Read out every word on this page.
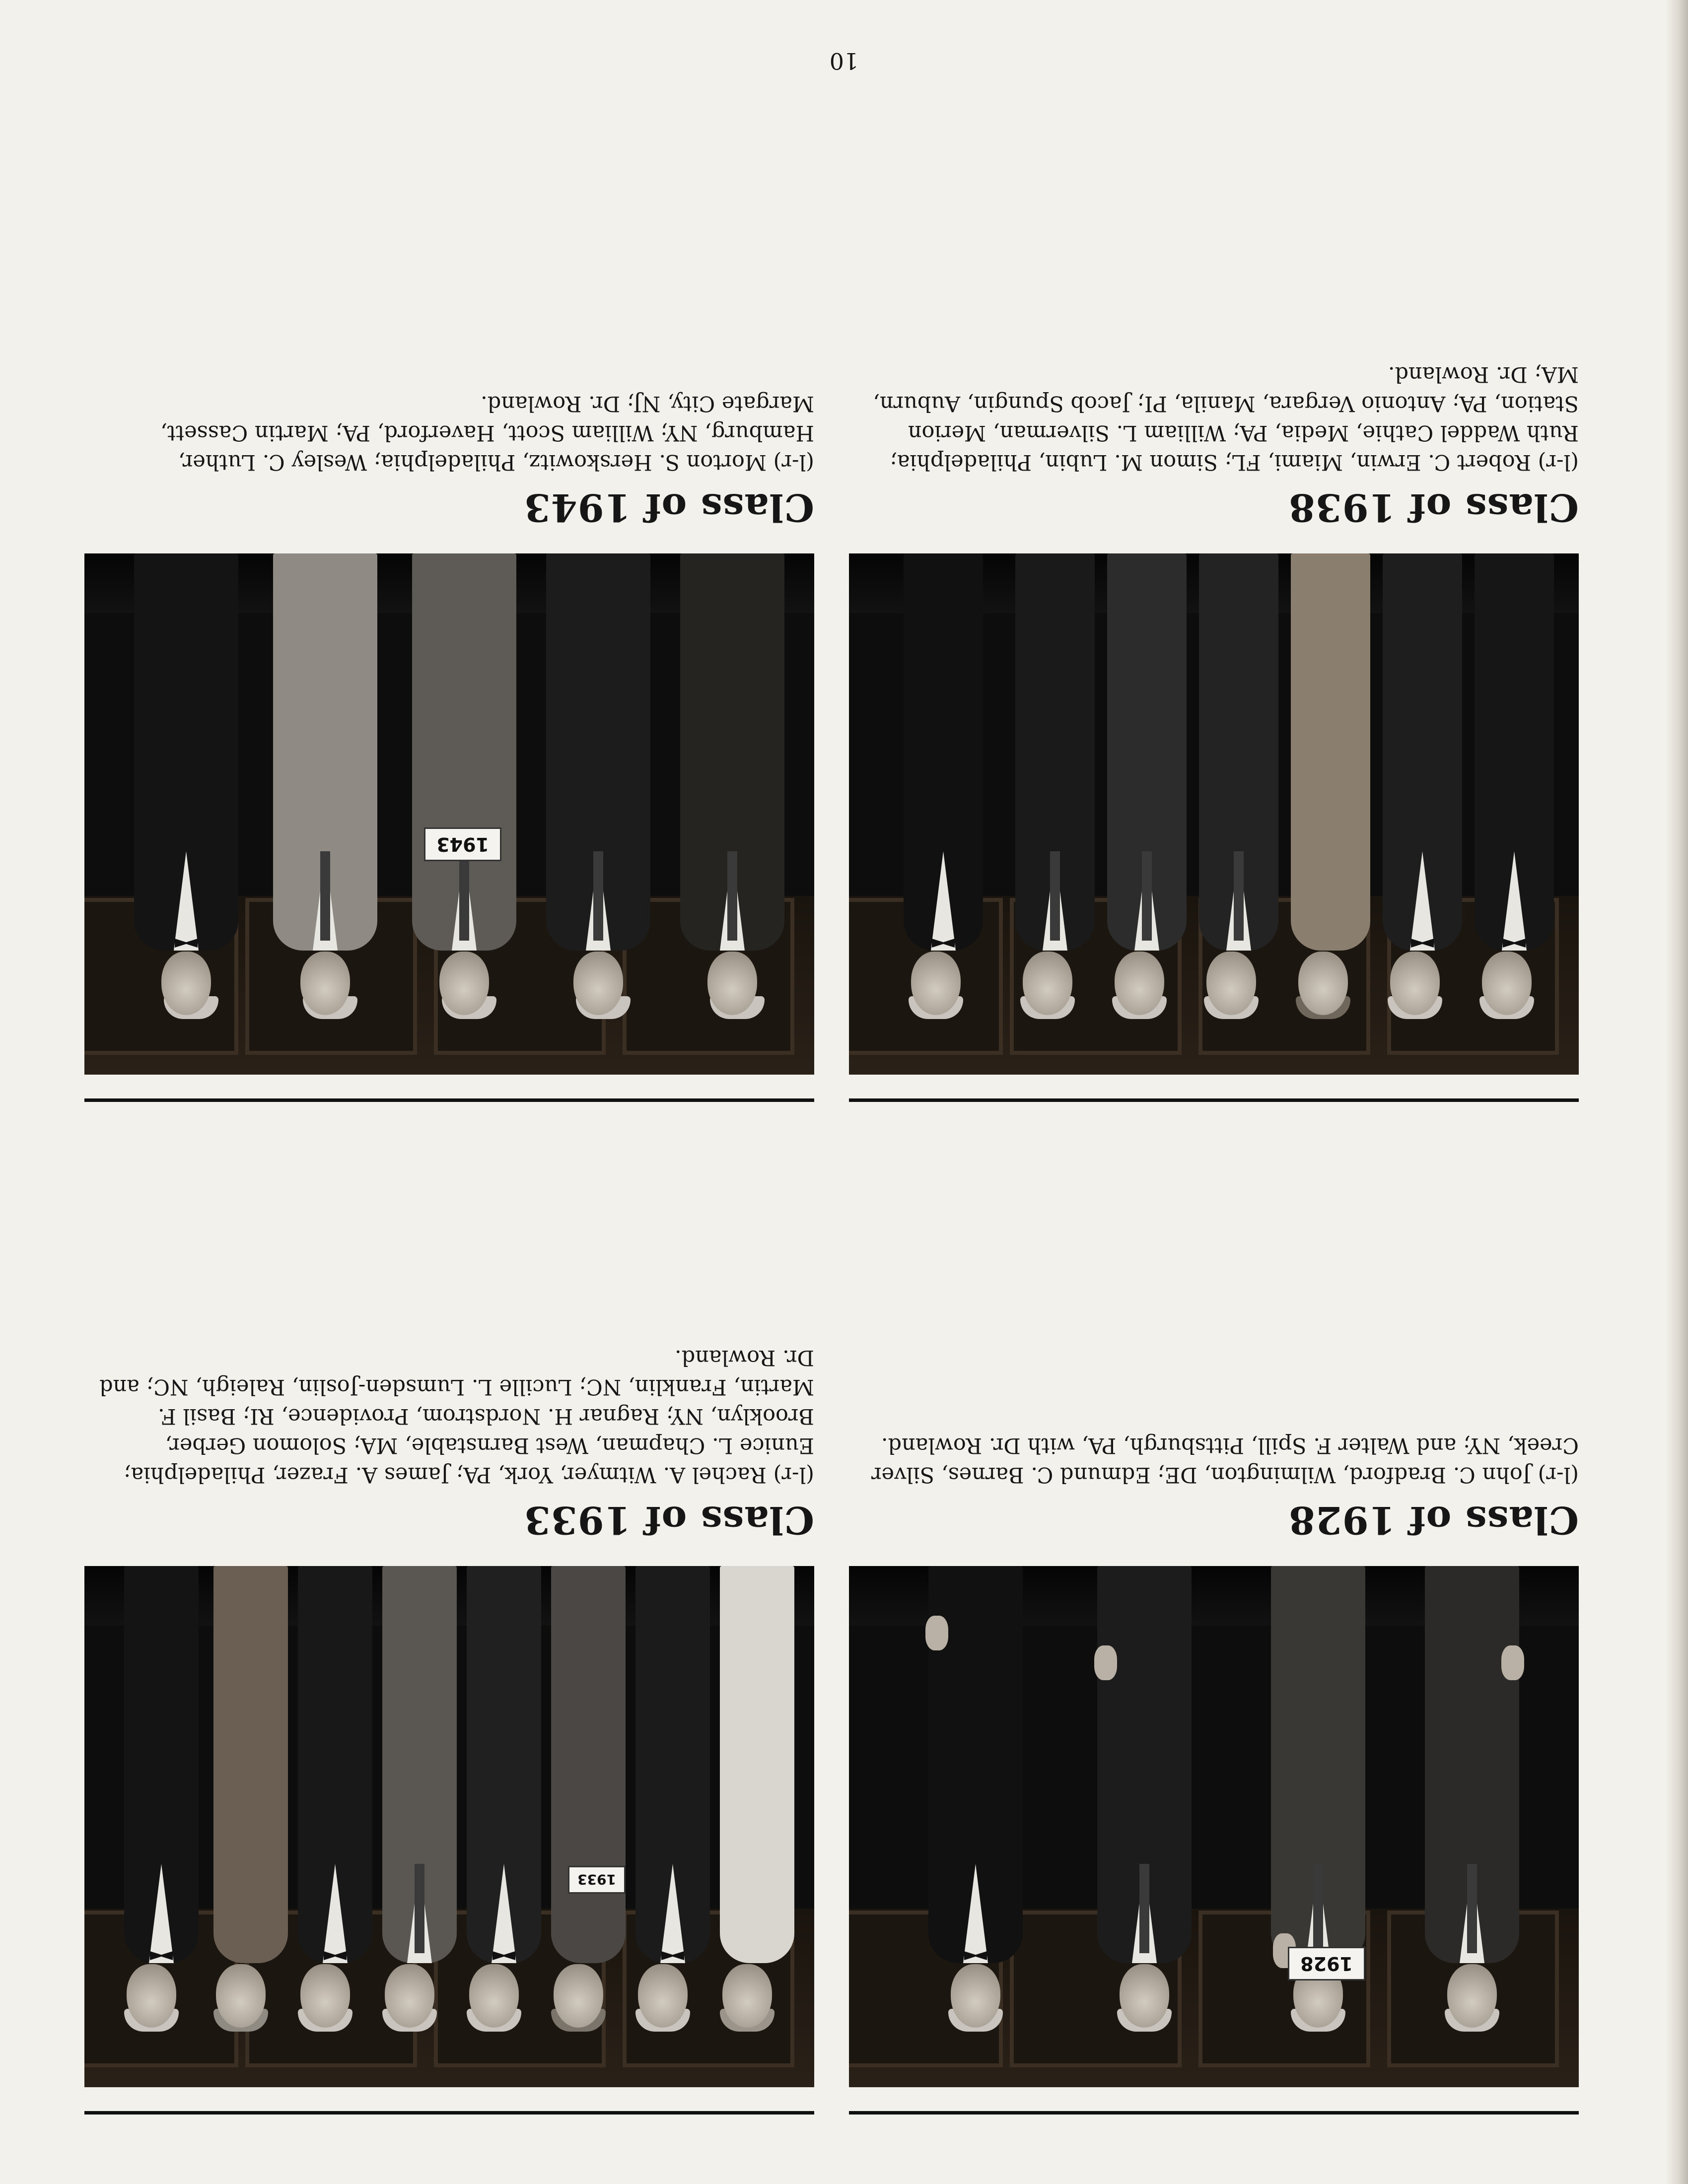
1928
Class of 1928

(l-r) John C. Bradford, Wilmington, DE; Edmund C. Barnes, Silver Creek, NY; and Walter F. Spill, Pittsburgh, PA, with Dr. Rowland.

1933
Class of 1933

(l-r) Rachel A. Witmyer, York, PA; James A. Frazer, Philadelphia; Eunice L. Chapman, West Barnstable, MA; Solomon Gerber, Brooklyn, NY; Ragnar H. Nordstrom, Providence, RI; Basil F. Martin, Franklin, NC; Lucille L. Lumsden-Joslin, Raleigh, NC; and Dr. Rowland.

Class of 1938

(l-r) Robert C. Erwin, Miami, FL; Simon M. Lubin, Philadelphia; Ruth Waddel Cathie, Media, PA; William L. Silverman, Merion Station, PA; Antonio Vergara, Manila, PI; Jacob Spungin, Auburn, MA; Dr. Rowland.

1943
Class of 1943

(l-r) Morton S. Herskowitz, Philadelphia; Wesley C. Luther, Hamburg, NY; William Scott, Haverford, PA; Martin Cassett, Margate City, NJ; Dr. Rowland.

10
